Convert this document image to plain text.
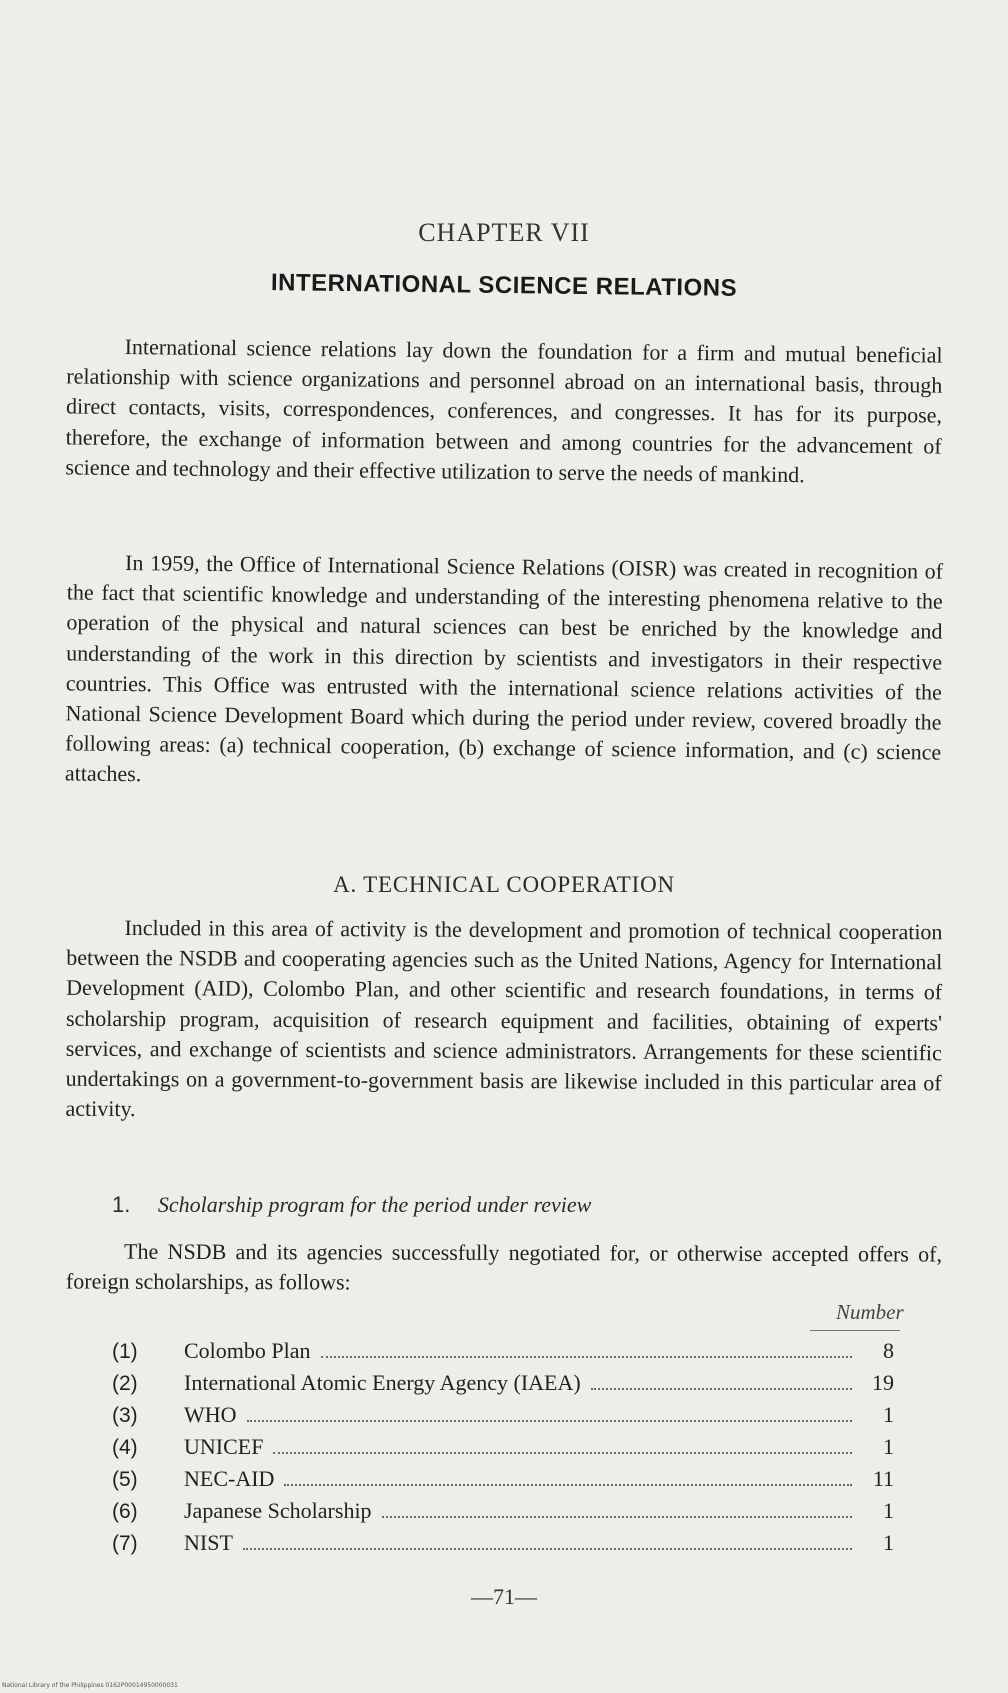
CHAPTER VII
INTERNATIONAL SCIENCE RELATIONS

International science relations lay down the foundation for a firm and mutual beneficial relationship with science organizations and personnel abroad on an international basis, through direct contacts, visits, correspondences, conferences, and congresses. It has for its purpose, therefore, the exchange of information between and among countries for the advancement of science and technology and their effective utilization to serve the needs of mankind.

In 1959, the Office of International Science Relations (OISR) was created in recognition of the fact that scientific knowledge and understanding of the interesting phenomena relative to the operation of the physical and natural sciences can best be enriched by the knowledge and understanding of the work in this direction by scientists and investigators in their respective countries. This Office was entrusted with the international science relations activities of the National Science Development Board which during the period under review, covered broadly the following areas: (a) technical cooperation, (b) exchange of science information, and (c) science attaches.

A. TECHNICAL COOPERATION

Included in this area of activity is the development and promotion of technical cooperation between the NSDB and cooperating agencies such as the United Nations, Agency for International Development (AID), Colombo Plan, and other scientific and research foundations, in terms of scholarship program, acquisition of research equipment and facilities, obtaining of experts' services, and exchange of scientists and science administrators. Arrangements for these scientific undertakings on a government-to-government basis are likewise included in this particular area of activity.

1. Scholarship program for the period under review

The NSDB and its agencies successfully negotiated for, or otherwise accepted offers of, foreign scholarships, as follows:

Number
(1)	Colombo Plan	8
(2)	International Atomic Energy Agency (IAEA)	19
(3)	WHO	1
(4)	UNICEF	1
(5)	NEC-AID	11
(6)	Japanese Scholarship	1
(7)	NIST	1
—71—
National Library of the Philippines 0162P00014950000031
